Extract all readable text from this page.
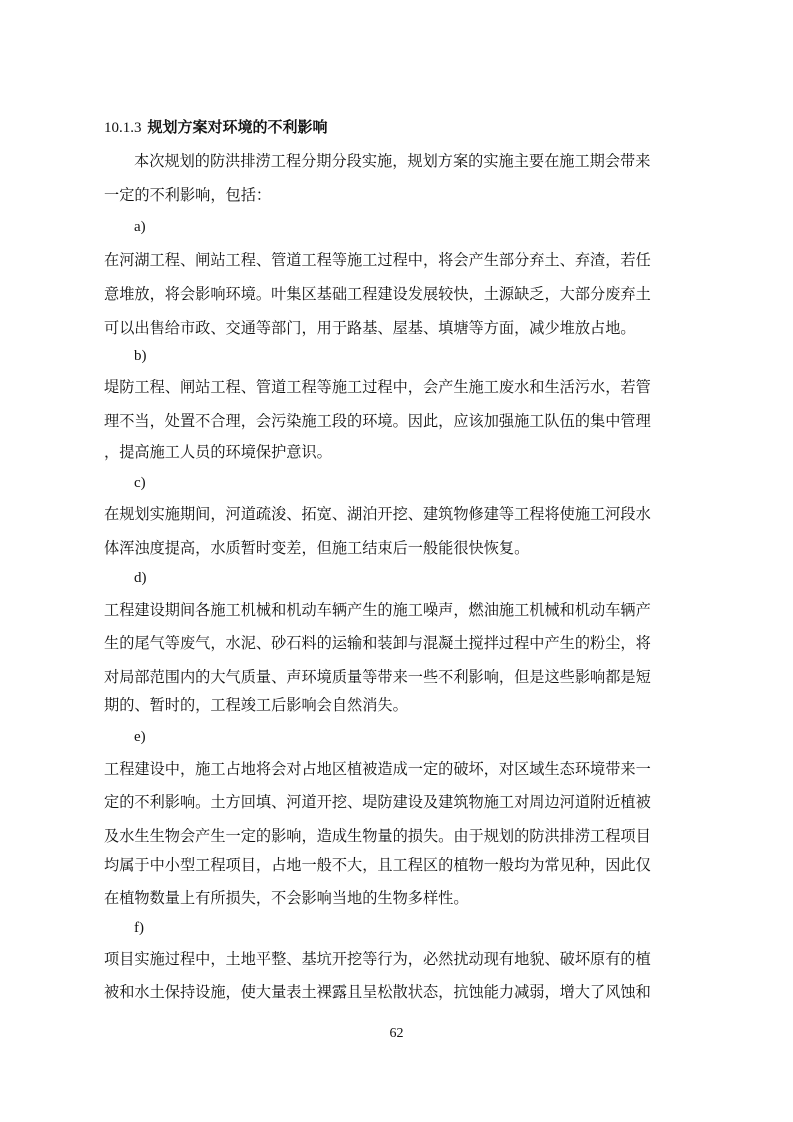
10.1.3 规划方案对环境的不利影响
本次规划的防洪排涝工程分期分段实施，规划方案的实施主要在施工期会带来
一定的不利影响，包括：
a)
在河湖工程、闸站工程、管道工程等施工过程中，将会产生部分弃土、弃渣，若任
意堆放，将会影响环境。叶集区基础工程建设发展较快，土源缺乏，大部分废弃土
可以出售给市政、交通等部门，用于路基、屋基、填塘等方面，减少堆放占地。
b)
堤防工程、闸站工程、管道工程等施工过程中，会产生施工废水和生活污水，若管
理不当，处置不合理，会污染施工段的环境。因此，应该加强施工队伍的集中管理
，提高施工人员的环境保护意识。
c)
在规划实施期间，河道疏浚、拓宽、湖泊开挖、建筑物修建等工程将使施工河段水
体浑浊度提高，水质暂时变差，但施工结束后一般能很快恢复。
d)
工程建设期间各施工机械和机动车辆产生的施工噪声，燃油施工机械和机动车辆产
生的尾气等废气，水泥、砂石料的运输和装卸与混凝土搅拌过程中产生的粉尘，将
对局部范围内的大气质量、声环境质量等带来一些不利影响，但是这些影响都是短
期的、暂时的，工程竣工后影响会自然消失。
e)
工程建设中，施工占地将会对占地区植被造成一定的破坏，对区域生态环境带来一
定的不利影响。土方回填、河道开挖、堤防建设及建筑物施工对周边河道附近植被
及水生生物会产生一定的影响，造成生物量的损失。由于规划的防洪排涝工程项目
均属于中小型工程项目，占地一般不大，且工程区的植物一般均为常见种，因此仅
在植物数量上有所损失，不会影响当地的生物多样性。
f)
项目实施过程中，土地平整、基坑开挖等行为，必然扰动现有地貌、破坏原有的植
被和水土保持设施，使大量表土裸露且呈松散状态，抗蚀能力减弱，增大了风蚀和
62
